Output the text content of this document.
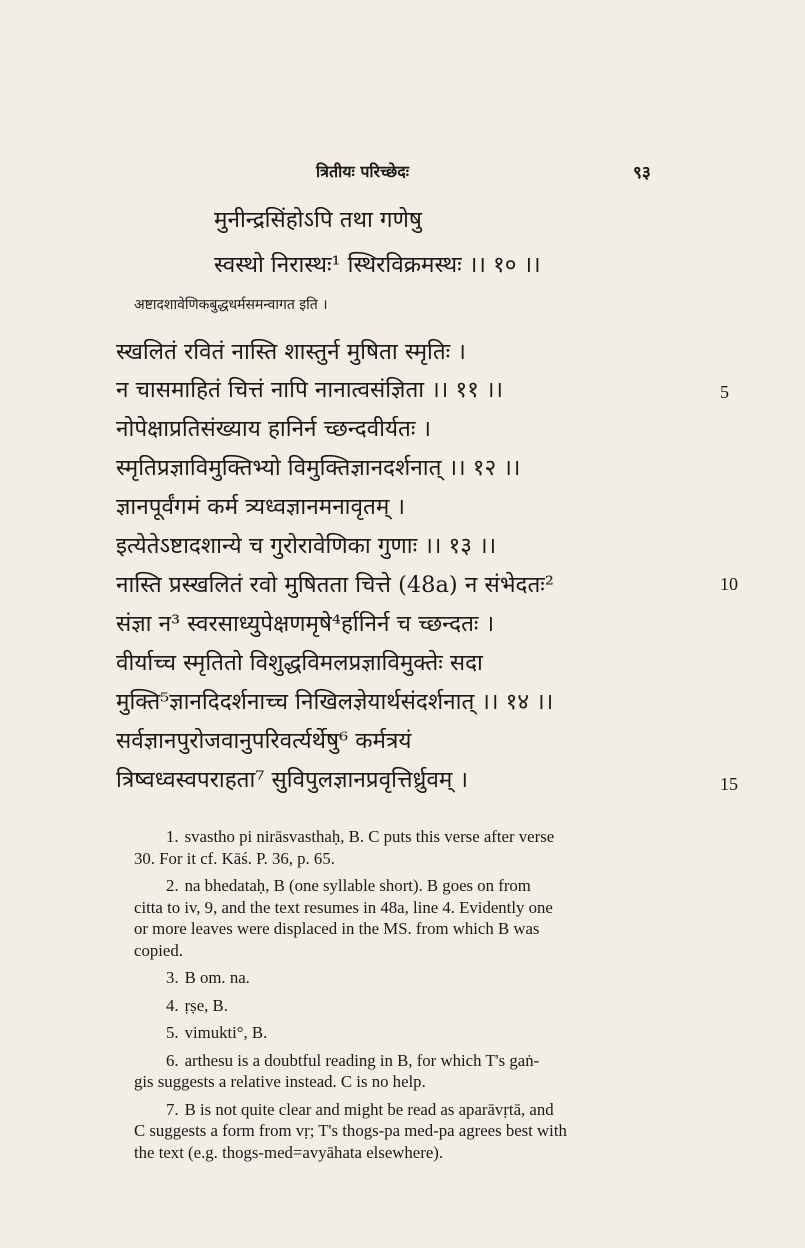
त्रितीयः परिच्छेदः	९३
मुनीन्द्रसिंहोऽपि तथा गणेषु
स्वस्थो निरास्थः¹ स्थिरविक्रमस्थः ।। १० ।।
अष्टादशावेणिकबुद्धधर्मसमन्वागत इति ।
स्खलितं रवितं नास्ति शास्तुर्न मुषिता स्मृतिः ।
न चासमाहितं चित्तं नापि नानात्वसंज्ञिता ।। ११ ।।
नोपेक्षाप्रतिसंख्याय हानिर्न च्छन्दवीर्यतः ।
स्मृतिप्रज्ञाविमुक्तिभ्यो विमुक्तिज्ञानदर्शनात् ।। १२ ।।
ज्ञानपूर्वंगमं कर्म त्र्यध्वज्ञानमनावृतम् ।
इत्येतेऽष्टादशान्ये च गुरोरावेणिका गुणाः ।। १३ ।।
नास्ति प्रस्खलितं रवो मुषितता चित्ते (48a) न संभेदतः²
संज्ञा न³ स्वरसाध्युपेक्षणमृषे⁴र्हानिर्न च च्छन्दतः ।
वीर्याच्च स्मृतितो विशुद्धविमलप्रज्ञाविमुक्तेः सदा
मुक्ति⁵ज्ञानदिदर्शनाच्च निखिलज्ञेयार्थसंदर्शनात् ।। १४ ।।
सर्वज्ञानपुरोजवानुपरिवर्त्यर्थेषु⁶ कर्मत्रयं
त्रिष्वध्वस्वपराहता⁷ सुविपुलज्ञानप्रवृत्तिर्ध्रुवम् ।
5
10
15
1. svastho pi nirāsvasthaḥ, B. C puts this verse after verse
30. For it cf. Kāś. P. 36, p. 65.
2. na bhedataḥ, B (one syllable short). B goes on from
citta to iv, 9, and the text resumes in 48a, line 4. Evidently one
or more leaves were displaced in the MS. from which B was
copied.
3. B om. na.
4. ṛṣe, B.
5. vimukti°, B.
6. arthesu is a doubtful reading in B, for which T's gaṅ-
gis suggests a relative instead. C is no help.
7. B is not quite clear and might be read as aparāvṛtā, and
C suggests a form from vṛ; T's thogs-pa med-pa agrees best with
the text (e.g. thogs-med=avyāhata elsewhere).
